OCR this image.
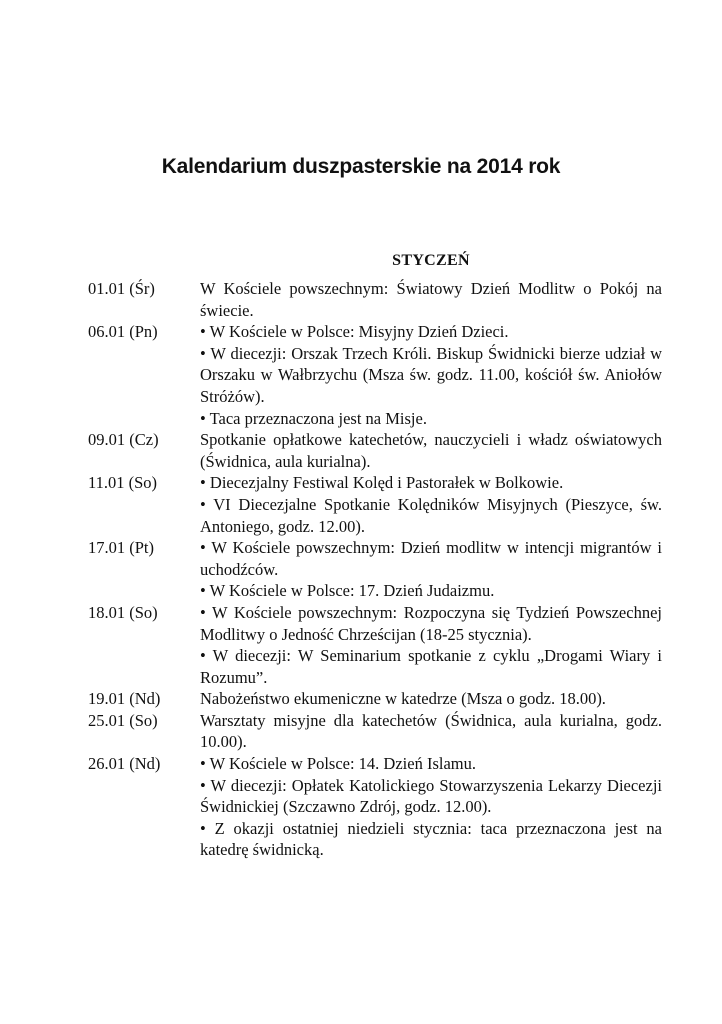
Kalendarium duszpasterskie na 2014 rok
STYCZEŃ
01.01 (Śr)	W Kościele powszechnym: Światowy Dzień Modlitw o Pokój na świecie.
06.01 (Pn)	• W Kościele w Polsce: Misyjny Dzień Dzieci.
• W diecezji: Orszak Trzech Króli. Biskup Świdnicki bierze udział w Orszaku w Wałbrzychu (Msza św. godz. 11.00, kościół św. Aniołów Stróżów).
• Taca przeznaczona jest na Misje.
09.01 (Cz)	Spotkanie opłatkowe katechetów, nauczycieli i władz oświatowych (Świdnica, aula kurialna).
11.01 (So)	• Diecezjalny Festiwal Kolęd i Pastorałek w Bolkowie.
• VI Diecezjalne Spotkanie Kolędników Misyjnych (Pieszyce, św. Antoniego, godz. 12.00).
17.01 (Pt)	• W Kościele powszechnym: Dzień modlitw w intencji migrantów i uchodźców.
• W Kościele w Polsce: 17. Dzień Judaizmu.
18.01 (So)	• W Kościele powszechnym: Rozpoczyna się Tydzień Powszechnej Modlitwy o Jedność Chrześcijan (18-25 stycznia).
• W diecezji: W Seminarium spotkanie z cyklu „Drogami Wiary i Rozumu”.
19.01 (Nd)	Nabożeństwo ekumeniczne w katedrze (Msza o godz. 18.00).
25.01 (So)	Warsztaty misyjne dla katechetów (Świdnica, aula kurialna, godz. 10.00).
26.01 (Nd)	• W Kościele w Polsce: 14. Dzień Islamu.
• W diecezji: Opłatek Katolickiego Stowarzyszenia Lekarzy Diecezji Świdnickiej (Szczawno Zdrój, godz. 12.00).
• Z okazji ostatniej niedzieli stycznia: taca przeznaczona jest na katedrę świdnicką.
